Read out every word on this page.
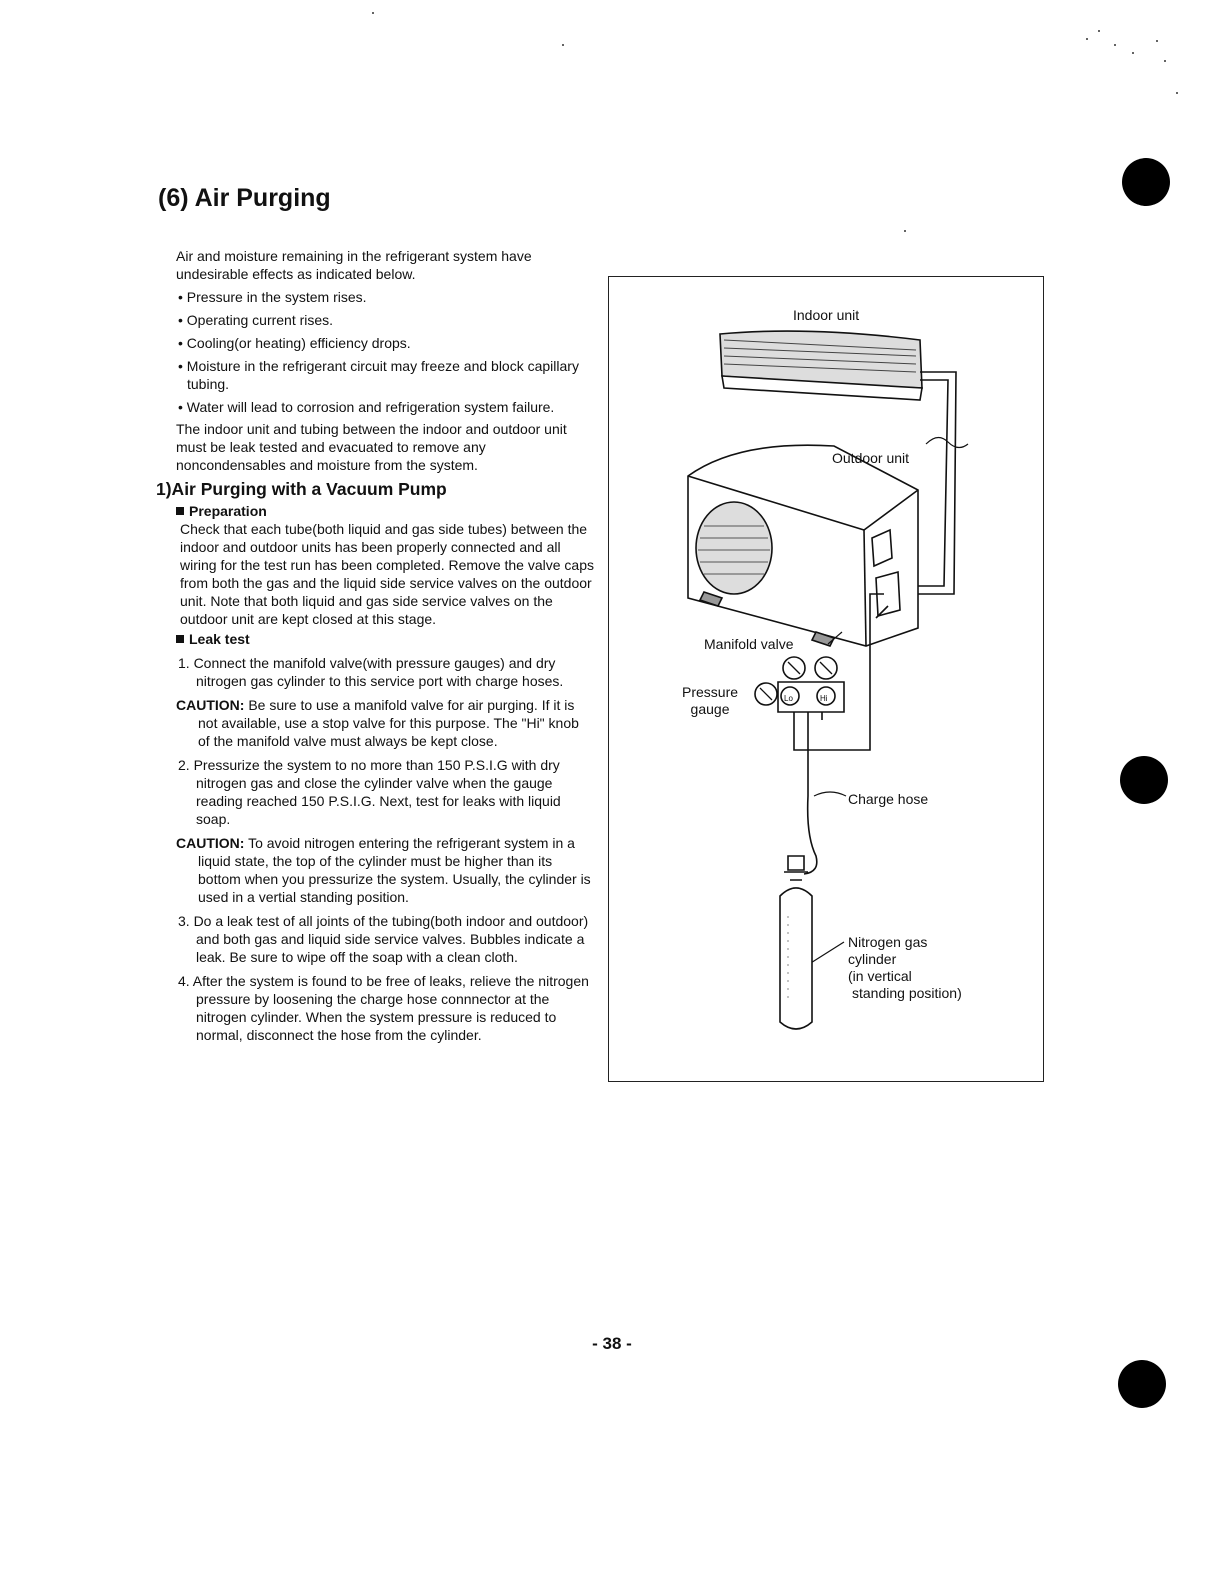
(6) Air Purging

Air and moisture remaining in the refrigerant system have undesirable effects as indicated below.

• Pressure in the system rises.

• Operating current rises.

• Cooling(or heating) efficiency drops.

• Moisture in the refrigerant circuit may freeze and block capillary tubing.

• Water will lead to corrosion and refrigeration system failure.

The indoor unit and tubing between the indoor and outdoor unit must be leak tested and evacuated to remove any noncondensables and moisture from the system.

1)Air Purging with a Vacuum Pump

Preparation

Check that each tube(both liquid and gas side tubes) between the indoor and outdoor units has been properly connected and all wiring for the test run has been completed. Remove the valve caps from both the gas and the liquid side service valves on the outdoor unit. Note that both liquid and gas side service valves on the outdoor unit are kept closed at this stage.

Leak test

1. Connect the manifold valve(with pressure gauges) and dry nitrogen gas cylinder to this service port with charge hoses.

CAUTION: Be sure to use a manifold valve for air purging. If it is not available, use a stop valve for this purpose. The "Hi" knob of the manifold valve must always be kept close.

2. Pressurize the system to no more than 150 P.S.I.G with dry nitrogen gas and close the cylinder valve when the gauge reading reached 150 P.S.I.G. Next, test for leaks with liquid soap.

CAUTION: To avoid nitrogen entering the refrigerant system in a liquid state, the top of the cylinder must be higher than its bottom when you pressurize the system. Usually, the cylinder is used in a vertial standing position.

3. Do a leak test of all joints of the tubing(both indoor and outdoor) and both gas and liquid side service valves. Bubbles indicate a leak. Be sure to wipe off the soap with a clean cloth.

4. After the system is found to be free of leaks, relieve the nitrogen pressure by loosening the charge hose connnector at the nitrogen cylinder. When the system pressure is reduced to normal, disconnect the hose from the cylinder.

Indoor unit
Outdoor unit
Manifold valve
Pressure
gauge
Lo	Hi
Charge hose
Nitrogen gas
cylinder
(in vertical
standing position)
- 38 -
